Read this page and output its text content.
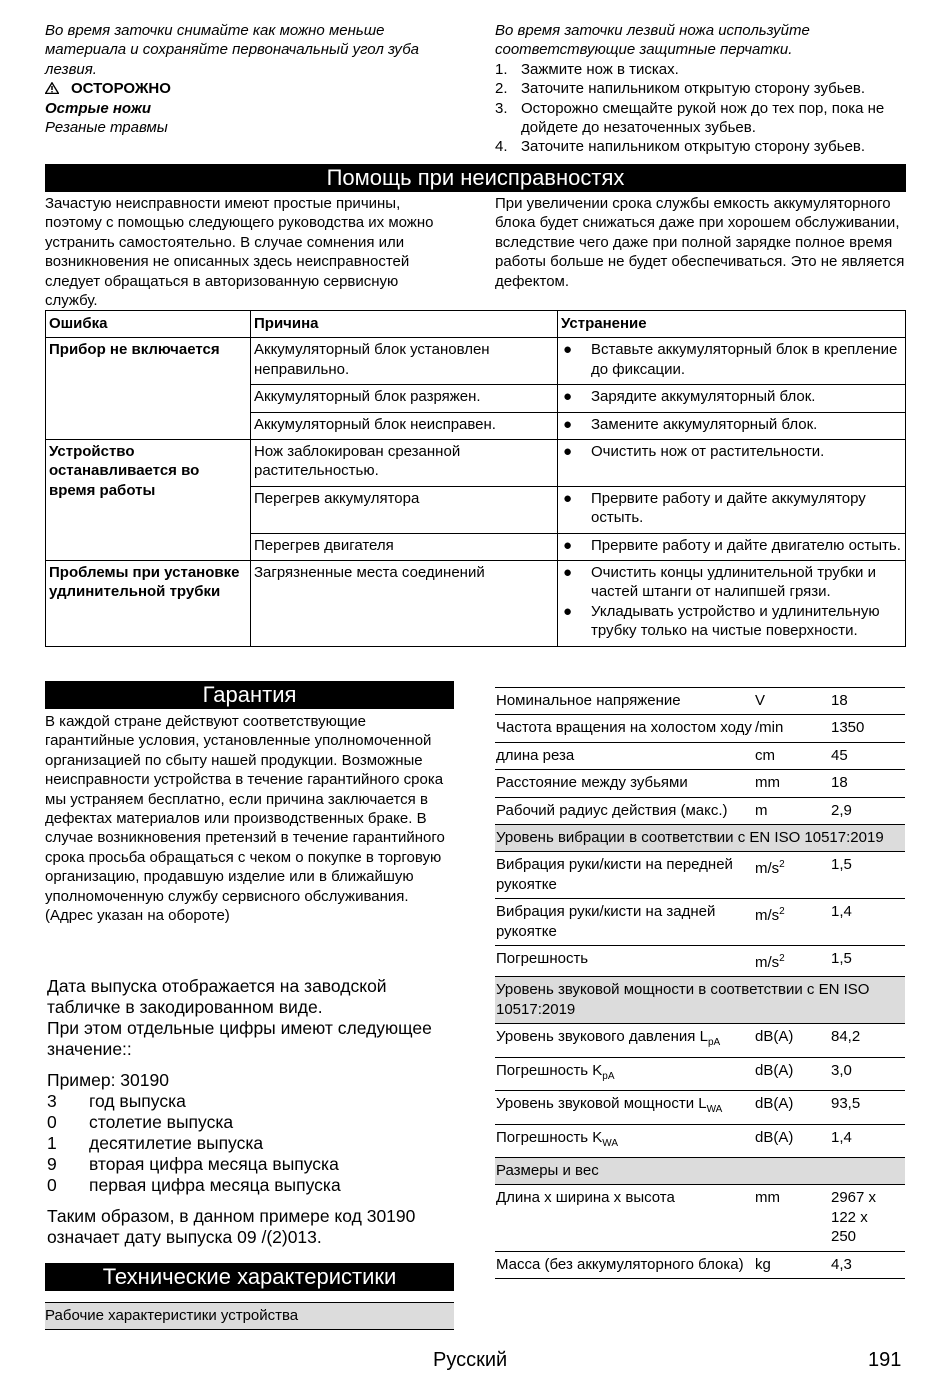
Во время заточки снимайте как можно меньше материала и сохраняйте первоначальный угол зуба лезвия.

ОСТОРОЖНО

Острые ножи

Резаные травмы

Во время заточки лезвий ножа используйте соответствующие защитные перчатки.

1. Зажмите нож в тисках.
2. Заточите напильником открытую сторону зубьев.
3. Осторожно смещайте рукой нож до тех пор, пока не дойдете до незаточенных зубьев.
4. Заточите напильником открытую сторону зубьев.
Помощь при неисправностях

Зачастую неисправности имеют простые причины, поэтому с помощью следующего руководства их можно устранить самостоятельно. В случае сомнения или возникновения не описанных здесь неисправностей следует обращаться в авторизованную сервисную службу.

При увеличении срока службы емкость аккумуляторного блока будет снижаться даже при хорошем обслуживании, вследствие чего даже при полной зарядке полное время работы больше не будет обеспечиваться. Это не является дефектом.

Ошибка	Причина	Устранение
Прибор не включается	Аккумуляторный блок установлен неправильно.	● Вставьте аккумуляторный блок в крепление до фиксации.

	Аккумуляторный блок разряжен.	● Зарядите аккумуляторный блок.

	Аккумуляторный блок неисправен.	● Замените аккумуляторный блок.

Устройство останавливается во время работы	Нож заблокирован срезанной растительностью.	● Очистить нож от растительности.

	Перегрев аккумулятора	● Прервите работу и дайте аккумулятору остыть.

	Перегрев двигателя	● Прервите работу и дайте двигателю остыть.

Проблемы при установке удлинительной трубки	Загрязненные места соединений	● Очистить концы удлинительной трубки и частей штанги от налипшей грязи.
● Укладывать устройство и удлинительную трубку только на чистые поверхности.
Гарантия

В каждой стране действуют соответствующие гарантийные условия, установленные уполномоченной организацией по сбыту нашей продукции. Возможные неисправности устройства в течение гарантийного срока мы устраняем бесплатно, если причина заключается в дефектах материалов или производственных браке. В случае возникновения претензий в течение гарантийного срока просьба обращаться с чеком о покупке в торговую организацию, продавшую изделие или в ближайшую уполномоченную службу сервисного обслуживания.

(Адрес указан на обороте)

Дата выпуска отображается на заводской табличке в закодированном виде.

При этом отдельные цифры имеют следующее значение::

Пример: 30190

3	год выпуска
0	столетие выпуска
1	десятилетие выпуска
9	вторая цифра месяца выпуска
0	первая цифра месяца выпуска

Таким образом, в данном примере код 30190 означает дату выпуска 09 /(2)013.

Технические характеристики
Рабочие характеристики устройства
Номинальное напряжение	V	18
Частота вращения на холостом ходу	/min	1350
длина реза	cm	45
Расстояние между зубьями	mm	18
Рабочий радиус действия (макс.)	m	2,9
Уровень вибрации в соответствии с EN ISO 10517:2019		
Вибрация руки/кисти на передней рукоятке	$m/s^2$	1,5
Вибрация руки/кисти на задней рукоятке	$m/s^2$	1,4
Погрешность	$m/s^2$	1,5
Уровень звуковой мощности в соответствии с EN ISO 10517:2019		
Уровень звукового давления $L_{pA}$	dB(A)	84,2
Погрешность $K_{pA}$	dB(A)	3,0
Уровень звуковой мощности $L_{WA}$	dB(A)	93,5
Погрешность $K_{WA}$	dB(A)	1,4
Размеры и вес		
Длина x ширина x высота	mm	2967 x
122 x
250

Масса (без аккумуляторного блока)	kg	4,3
Русский	191
